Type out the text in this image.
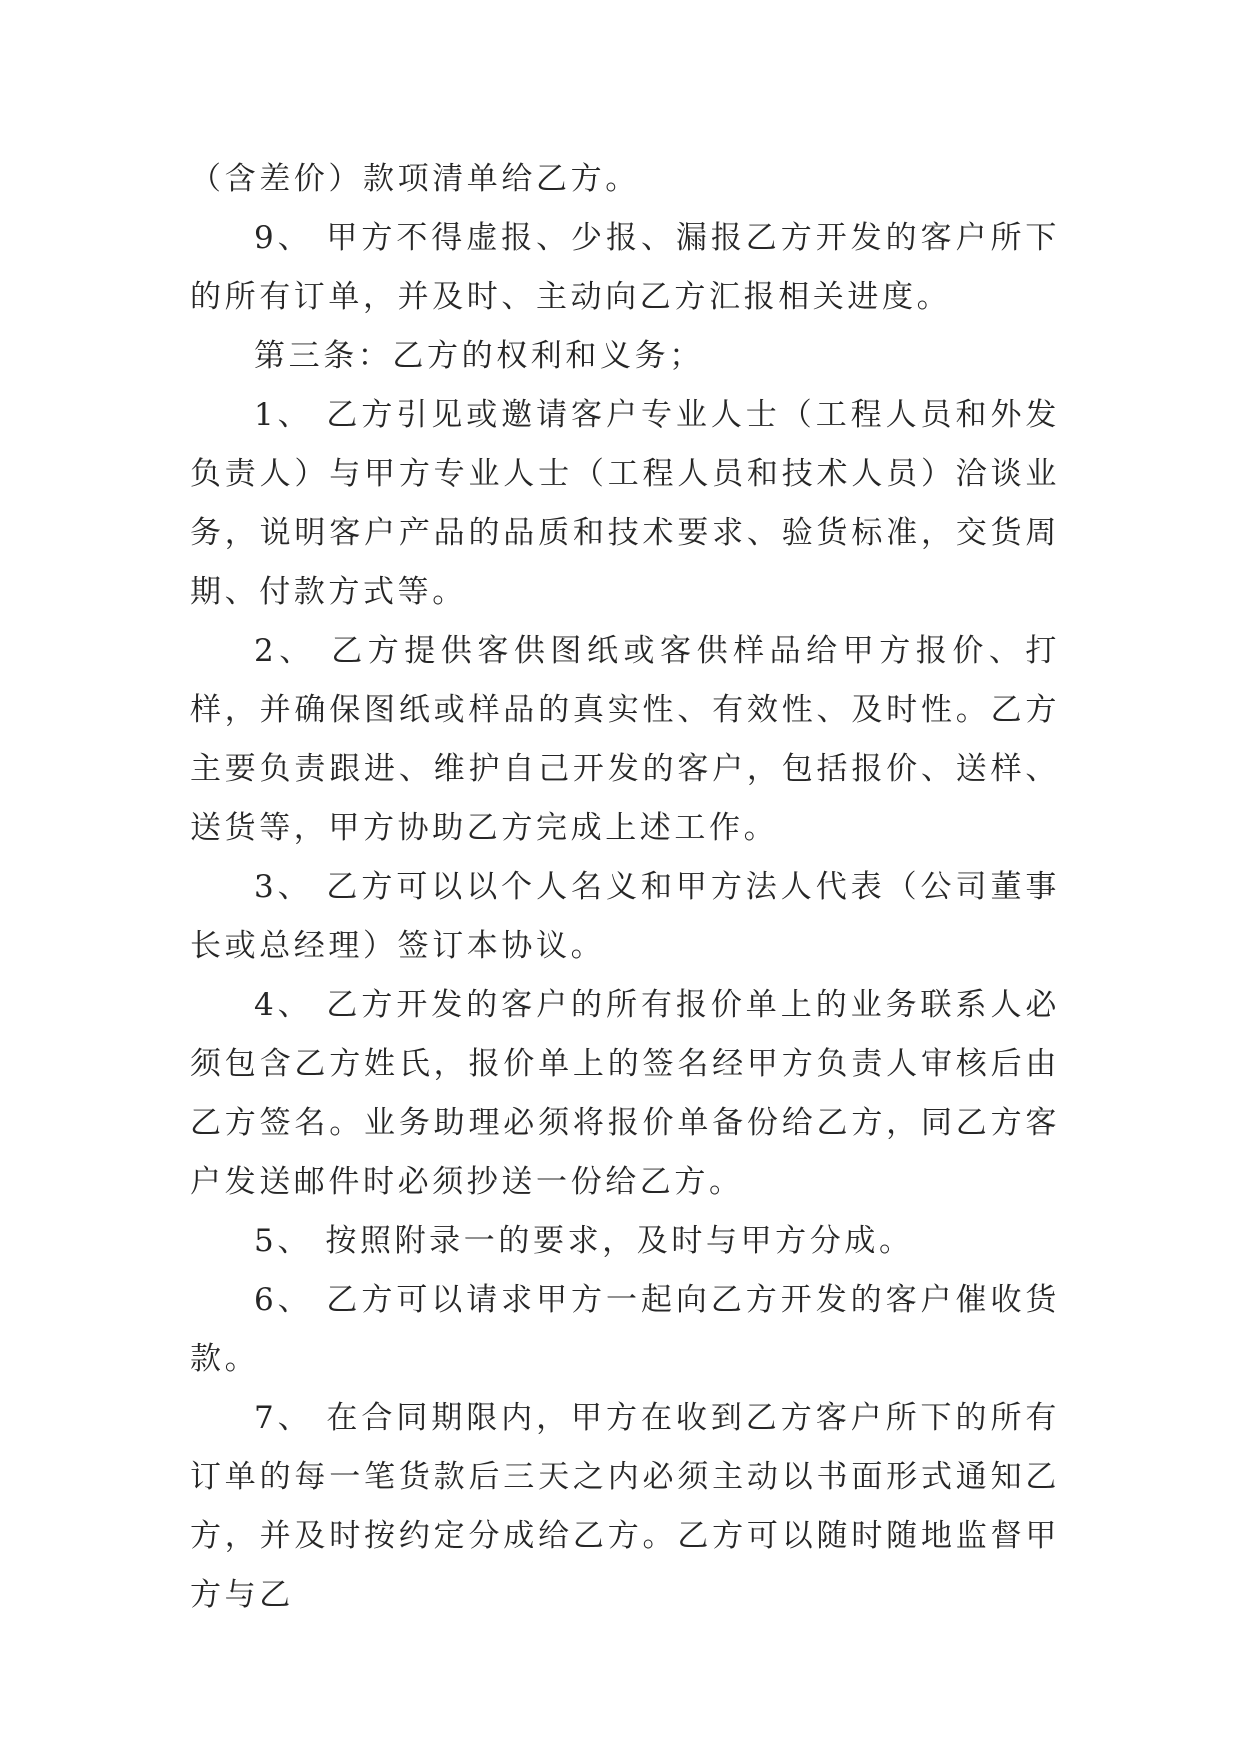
（含差价）款项清单给乙方。

9、 甲方不得虚报、少报、漏报乙方开发的客户所下的所有订单，并及时、主动向乙方汇报相关进度。

第三条：乙方的权利和义务；

1、 乙方引见或邀请客户专业人士（工程人员和外发负责人）与甲方专业人士（工程人员和技术人员）洽谈业务，说明客户产品的品质和技术要求、验货标准，交货周期、付款方式等。

2、 乙方提供客供图纸或客供样品给甲方报价、打样，并确保图纸或样品的真实性、有效性、及时性。乙方主要负责跟进、维护自己开发的客户，包括报价、送样、送货等，甲方协助乙方完成上述工作。

3、 乙方可以以个人名义和甲方法人代表（公司董事长或总经理）签订本协议。

4、 乙方开发的客户的所有报价单上的业务联系人必须包含乙方姓氏，报价单上的签名经甲方负责人审核后由乙方签名。业务助理必须将报价单备份给乙方，同乙方客户发送邮件时必须抄送一份给乙方。

5、 按照附录一的要求，及时与甲方分成。

6、 乙方可以请求甲方一起向乙方开发的客户催收货款。

7、 在合同期限内，甲方在收到乙方客户所下的所有订单的每一笔货款后三天之内必须主动以书面形式通知乙方，并及时按约定分成给乙方。乙方可以随时随地监督甲方与乙
